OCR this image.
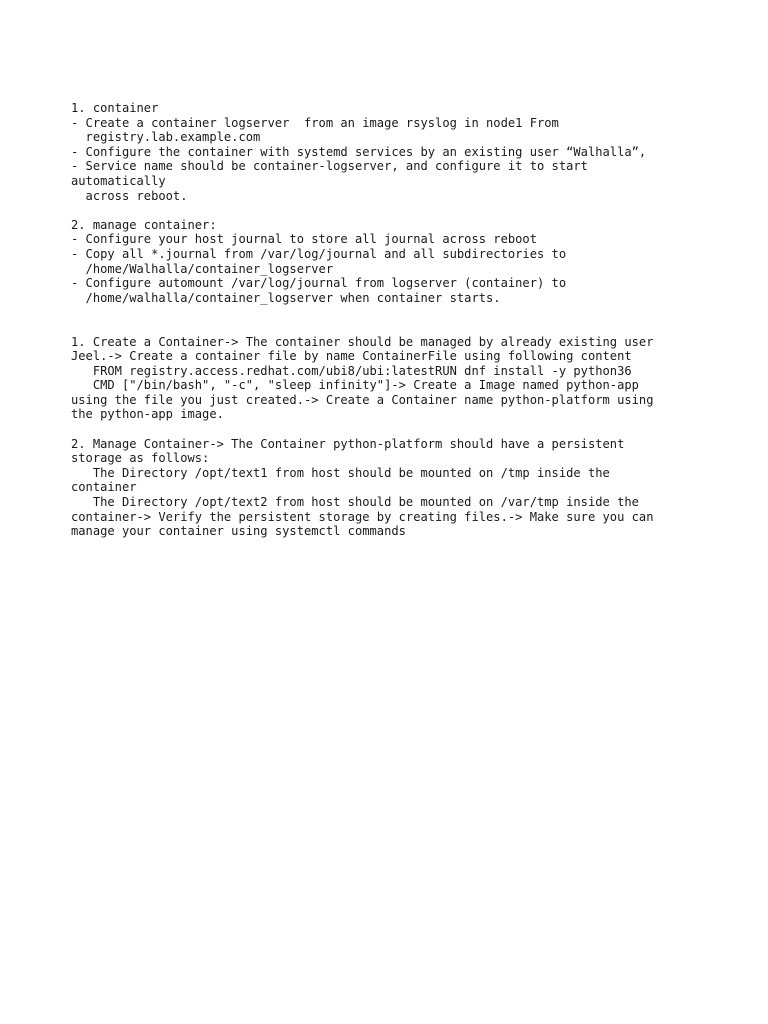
1. container
- Create a container logserver  from an image rsyslog in node1 From
registry.lab.example.com
- Configure the container with systemd services by an existing user “Walhalla”,
- Service name should be container-logserver, and configure it to start
automatically
across reboot.
2. manage container:
- Configure your host journal to store all journal across reboot
- Copy all *.journal from /var/log/journal and all subdirectories to
/home/Walhalla/container_logserver
- Configure automount /var/log/journal from logserver (container) to
/home/walhalla/container_logserver when container starts.
1. Create a Container-> The container should be managed by already existing user
Jeel.-> Create a container file by name ContainerFile using following content
FROM registry.access.redhat.com/ubi8/ubi:latestRUN dnf install -y python36
CMD ["/bin/bash", "-c", "sleep infinity"]-> Create a Image named python-app
using the file you just created.-> Create a Container name python-platform using
the python-app image.
2. Manage Container-> The Container python-platform should have a persistent
storage as follows:
The Directory /opt/text1 from host should be mounted on /tmp inside the
container
The Directory /opt/text2 from host should be mounted on /var/tmp inside the
container-> Verify the persistent storage by creating files.-> Make sure you can
manage your container using systemctl commands
